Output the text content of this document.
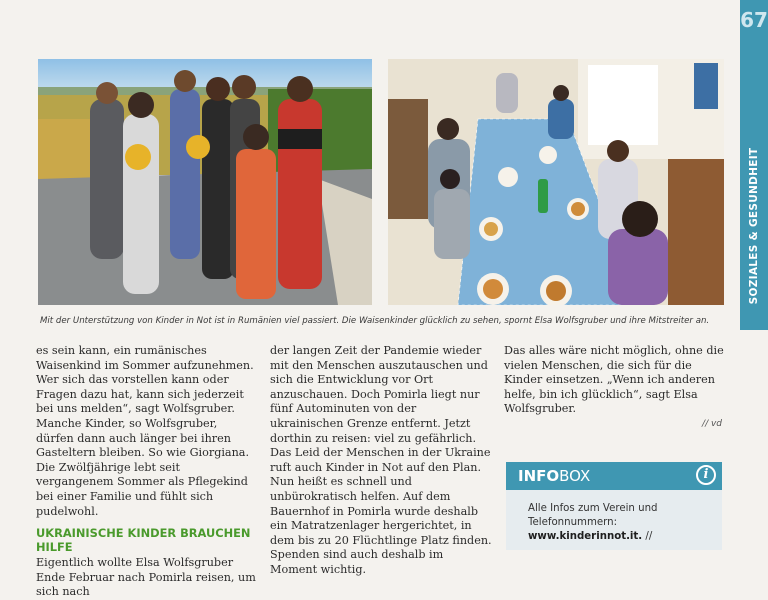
Mit der Unterstützung von Kinder in Not ist in Rumänien viel passiert. Die Waisenkinder glücklich zu sehen, spornt Elsa Wolfsgruber und ihre Mitstreiter an.

es sein kann, ein rumänisches Waisenkind im Sommer aufzunehmen. Wer sich das vorstellen kann oder Fragen dazu hat, kann sich jederzeit bei uns melden“, sagt Wolfsgruber. Manche Kinder, so Wolfsgruber, dürfen dann auch länger bei ihren Gasteltern bleiben. So wie Giorgiana. Die Zwölfjährige lebt seit vergangenem Sommer als Pflegekind bei einer Familie und fühlt sich pudelwohl.

UKRAINISCHE KINDER BRAUCHEN HILFE

Eigentlich wollte Elsa Wolfsgruber Ende Februar nach Pomirla reisen, um sich nach

der langen Zeit der Pandemie wieder mit den Menschen auszutauschen und sich die Entwicklung vor Ort anzuschauen. Doch Pomirla liegt nur fünf Autominuten von der ukrainischen Grenze entfernt. Jetzt dorthin zu reisen: viel zu gefährlich. Das Leid der Menschen in der Ukraine ruft auch Kinder in Not auf den Plan. Nun heißt es schnell und unbürokratisch helfen. Auf dem Bauernhof in Pomirla wurde deshalb ein Matratzenlager hergerichtet, in dem bis zu 20 Flüchtlinge Platz finden.

Spenden sind auch deshalb im Moment wichtig.

Das alles wäre nicht möglich, ohne die vielen Menschen, die sich für die Kinder einsetzen. „Wenn ich anderen helfe, bin ich glücklich“, sagt Elsa Wolfsgruber.

// vd
67
SOZIALES & GESUNDHEIT
INFOBOX	i
Alle Infos zum Verein und Telefonnummern: www.kinderinnot.it. //
